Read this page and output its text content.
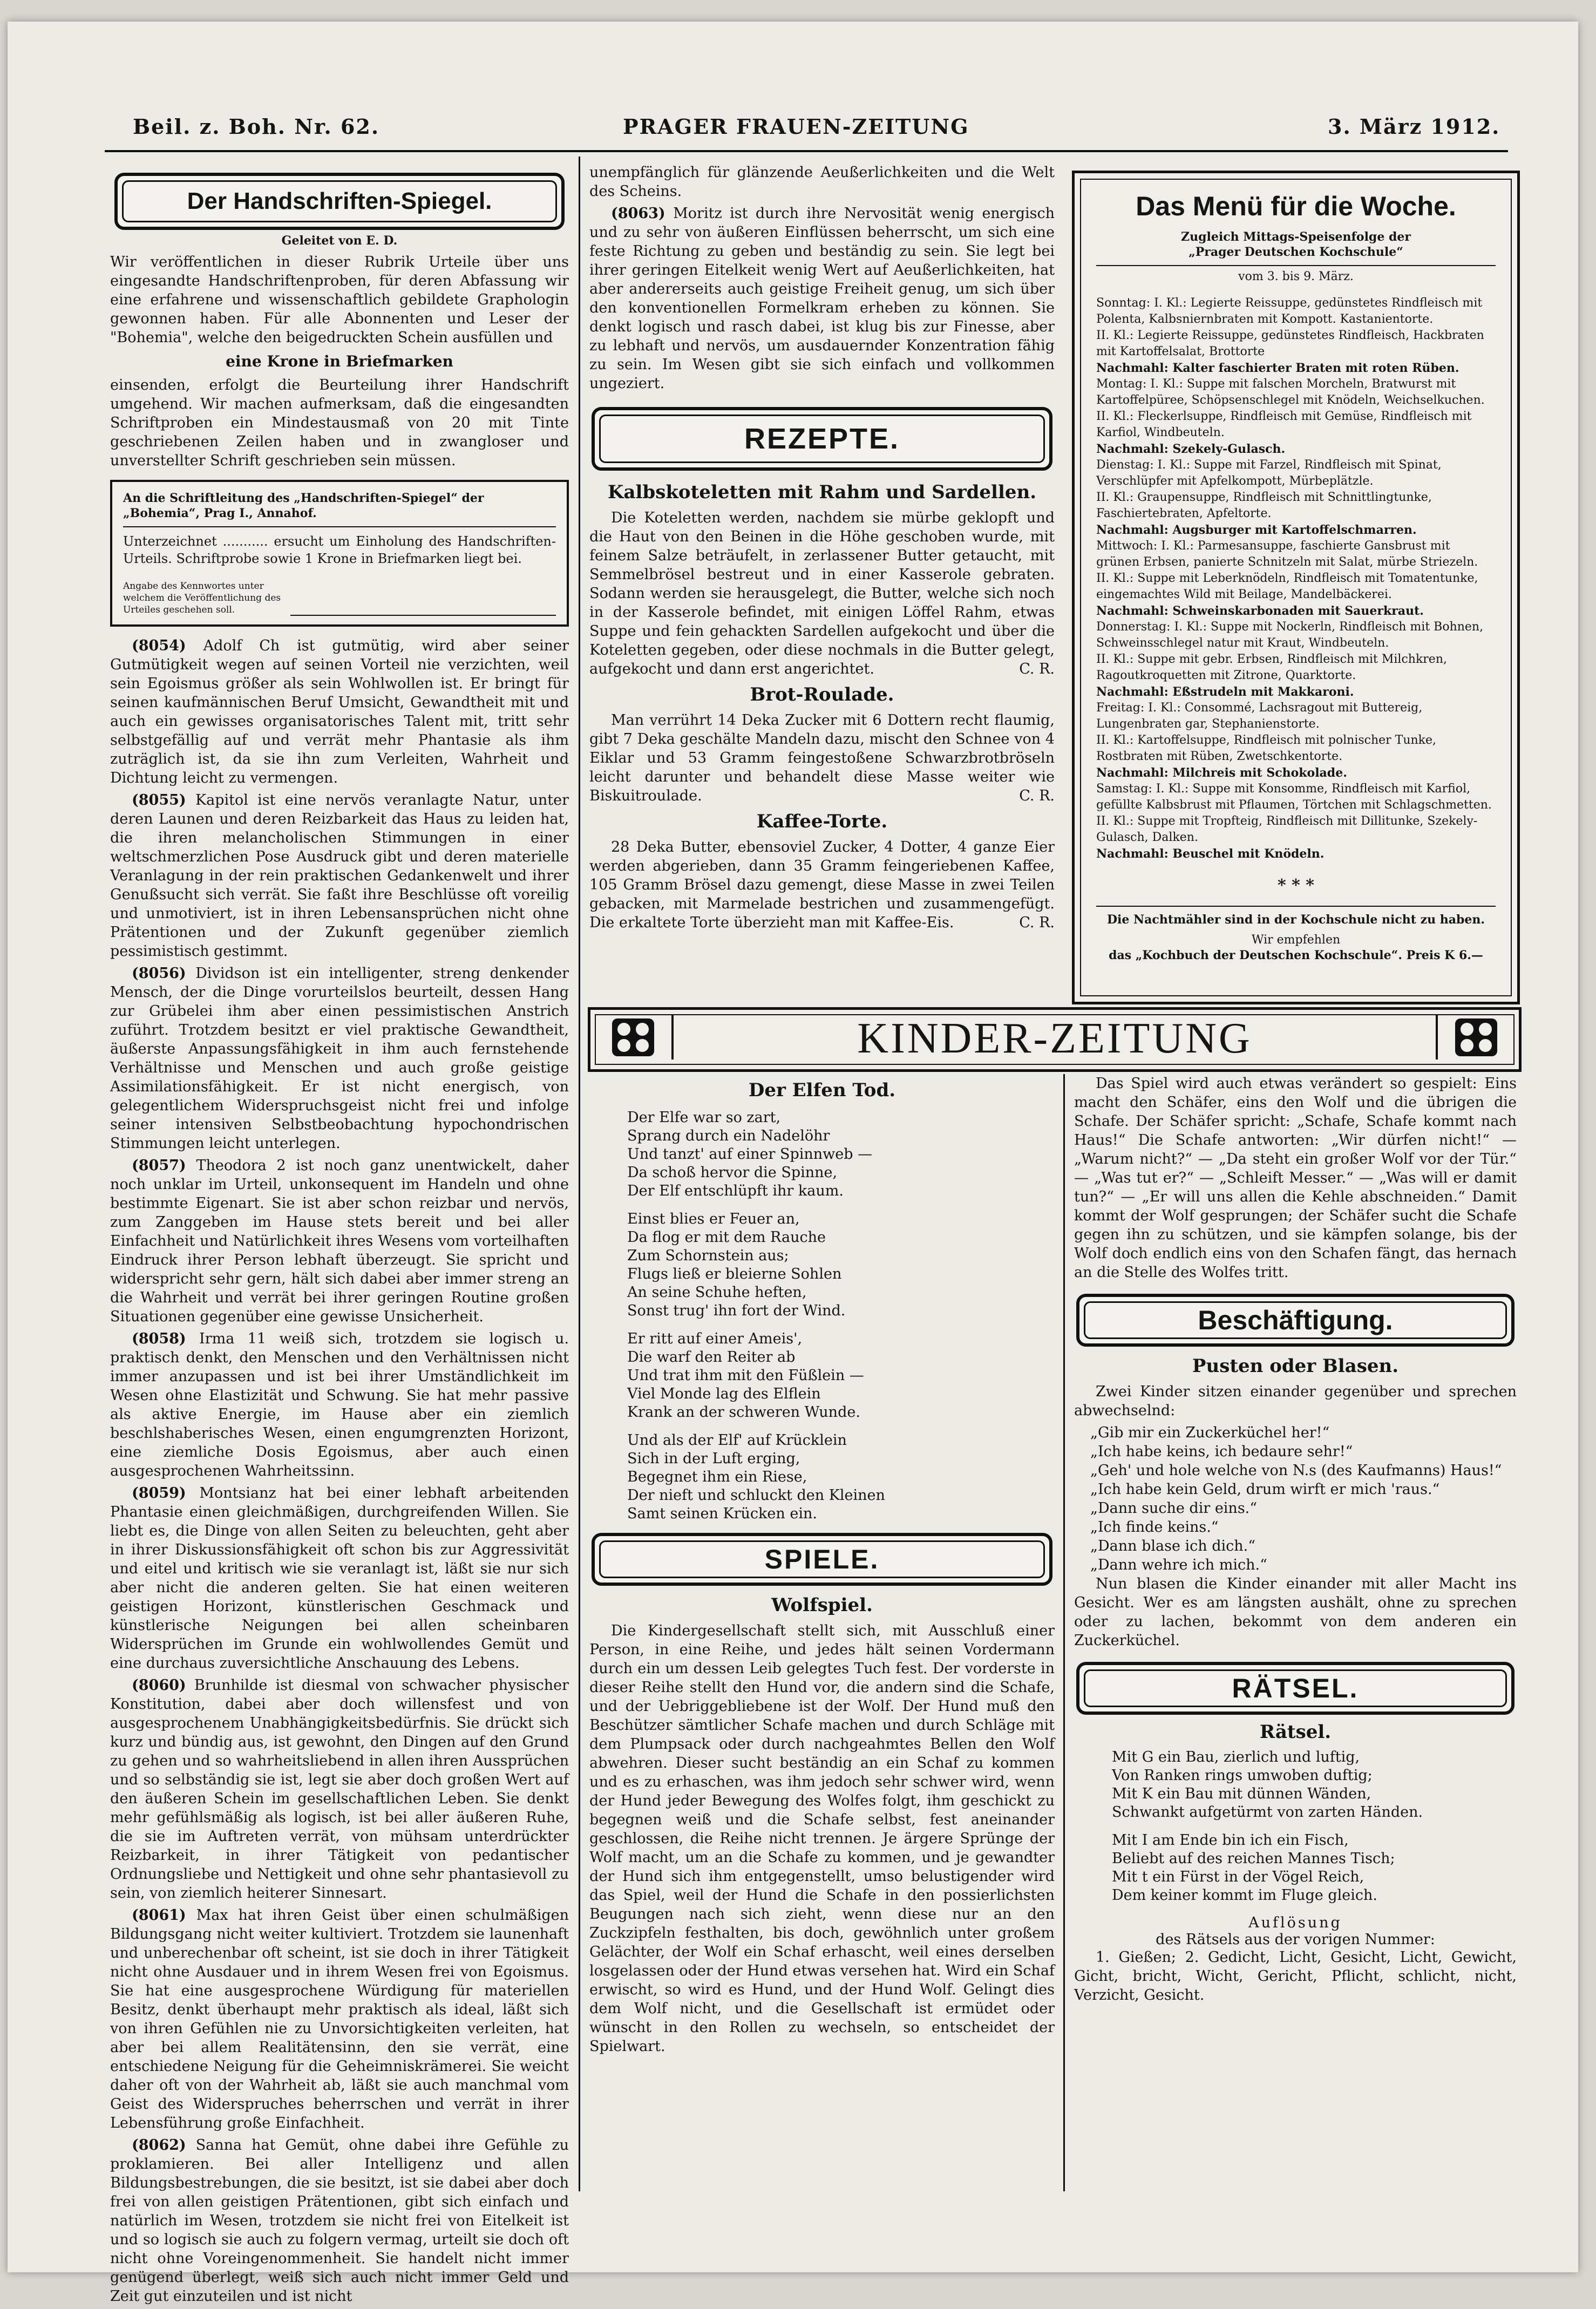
Beil. z. Boh. Nr. 62.	PRAGER FRAUEN-ZEITUNG	3. März 1912.
Der Handschriften-Spiegel.
Geleitet von E. D.

Wir veröffentlichen in dieser Rubrik Urteile über uns eingesandte Handschriftenproben, für deren Abfassung wir eine erfahrene und wissenschaftlich gebildete Graphologin gewonnen haben. Für alle Abonnenten und Leser der "Bohemia", welche den beigedruckten Schein ausfüllen und

eine Krone in Briefmarken

einsenden, erfolgt die Beurteilung ihrer Handschrift umgehend. Wir machen aufmerksam, daß die eingesandten Schriftproben ein Mindestausmaß von 20 mit Tinte geschriebenen Zeilen haben und in zwangloser und unverstellter Schrift geschrieben sein müssen.

An die Schriftleitung des „Handschriften-Spiegel“ der „Bohemia“, Prag I., Annahof.

Unterzeichnet ........... ersucht um Einholung des Handschriften-Urteils. Schriftprobe sowie 1 Krone in Briefmarken liegt bei.

Angabe des Kennwortes unter welchem die Veröffentlichung des Urteiles geschehen soll.

(8054) Adolf Ch ist gutmütig, wird aber seiner Gutmütigkeit wegen auf seinen Vorteil nie verzichten, weil sein Egoismus größer als sein Wohlwollen ist. Er bringt für seinen kaufmännischen Beruf Umsicht, Gewandtheit mit und auch ein gewisses organisatorisches Talent mit, tritt sehr selbstgefällig auf und verrät mehr Phantasie als ihm zuträglich ist, da sie ihn zum Verleiten, Wahrheit und Dichtung leicht zu vermengen.

(8055) Kapitol ist eine nervös veranlagte Natur, unter deren Launen und deren Reizbarkeit das Haus zu leiden hat, die ihren melancholischen Stimmungen in einer weltschmerzlichen Pose Ausdruck gibt und deren materielle Veranlagung in der rein praktischen Gedankenwelt und ihrer Genußsucht sich verrät. Sie faßt ihre Beschlüsse oft voreilig und unmotiviert, ist in ihren Lebensansprüchen nicht ohne Prätentionen und der Zukunft gegenüber ziemlich pessimistisch gestimmt.

(8056) Dividson ist ein intelligenter, streng denkender Mensch, der die Dinge vorurteilslos beurteilt, dessen Hang zur Grübelei ihm aber einen pessimistischen Anstrich zuführt. Trotzdem besitzt er viel praktische Gewandtheit, äußerste Anpassungsfähigkeit in ihm auch fernstehende Verhältnisse und Menschen und auch große geistige Assimilationsfähigkeit. Er ist nicht energisch, von gelegentlichem Widerspruchsgeist nicht frei und infolge seiner intensiven Selbstbeobachtung hypochondrischen Stimmungen leicht unterlegen.

(8057) Theodora 2 ist noch ganz unentwickelt, daher noch unklar im Urteil, unkonsequent im Handeln und ohne bestimmte Eigenart. Sie ist aber schon reizbar und nervös, zum Zanggeben im Hause stets bereit und bei aller Einfachheit und Natürlichkeit ihres Wesens vom vorteilhaften Eindruck ihrer Person lebhaft überzeugt. Sie spricht und widerspricht sehr gern, hält sich dabei aber immer streng an die Wahrheit und verrät bei ihrer geringen Routine großen Situationen gegenüber eine gewisse Unsicherheit.

(8058) Irma 11 weiß sich, trotzdem sie logisch u. praktisch denkt, den Menschen und den Verhältnissen nicht immer anzupassen und ist bei ihrer Umständlichkeit im Wesen ohne Elastizität und Schwung. Sie hat mehr passive als aktive Energie, im Hause aber ein ziemlich beschlshaberisches Wesen, einen engumgrenzten Horizont, eine ziemliche Dosis Egoismus, aber auch einen ausgesprochenen Wahrheitssinn.

(8059) Montsianz hat bei einer lebhaft arbeitenden Phantasie einen gleichmäßigen, durchgreifenden Willen. Sie liebt es, die Dinge von allen Seiten zu beleuchten, geht aber in ihrer Diskussionsfähigkeit oft schon bis zur Aggressivität und eitel und kritisch wie sie veranlagt ist, läßt sie nur sich aber nicht die anderen gelten. Sie hat einen weiteren geistigen Horizont, künstlerischen Geschmack und künstlerische Neigungen bei allen scheinbaren Widersprüchen im Grunde ein wohlwollendes Gemüt und eine durchaus zuversichtliche Anschauung des Lebens.

(8060) Brunhilde ist diesmal von schwacher physischer Konstitution, dabei aber doch willensfest und von ausgesprochenem Unabhängigkeitsbedürfnis. Sie drückt sich kurz und bündig aus, ist gewohnt, den Dingen auf den Grund zu gehen und so wahrheitsliebend in allen ihren Aussprüchen und so selbständig sie ist, legt sie aber doch großen Wert auf den äußeren Schein im gesellschaftlichen Leben. Sie denkt mehr gefühlsmäßig als logisch, ist bei aller äußeren Ruhe, die sie im Auftreten verrät, von mühsam unterdrückter Reizbarkeit, in ihrer Tätigkeit von pedantischer Ordnungsliebe und Nettigkeit und ohne sehr phantasievoll zu sein, von ziemlich heiterer Sinnesart.

(8061) Max hat ihren Geist über einen schulmäßigen Bildungsgang nicht weiter kultiviert. Trotzdem sie launenhaft und unberechenbar oft scheint, ist sie doch in ihrer Tätigkeit nicht ohne Ausdauer und in ihrem Wesen frei von Egoismus. Sie hat eine ausgesprochene Würdigung für materiellen Besitz, denkt überhaupt mehr praktisch als ideal, läßt sich von ihren Gefühlen nie zu Unvorsichtigkeiten verleiten, hat aber bei allem Realitätensinn, den sie verrät, eine entschiedene Neigung für die Geheimniskrämerei. Sie weicht daher oft von der Wahrheit ab, läßt sie auch manchmal vom Geist des Widerspruches beherrschen und verrät in ihrer Lebensführung große Einfachheit.

(8062) Sanna hat Gemüt, ohne dabei ihre Gefühle zu proklamieren. Bei aller Intelligenz und allen Bildungsbestrebungen, die sie besitzt, ist sie dabei aber doch frei von allen geistigen Prätentionen, gibt sich einfach und natürlich im Wesen, trotzdem sie nicht frei von Eitelkeit ist und so logisch sie auch zu folgern vermag, urteilt sie doch oft nicht ohne Voreingenommenheit. Sie handelt nicht immer genügend überlegt, weiß sich auch nicht immer Geld und Zeit gut einzuteilen und ist nicht

unempfänglich für glänzende Aeußerlichkeiten und die Welt des Scheins.

(8063) Moritz ist durch ihre Nervosität wenig energisch und zu sehr von äußeren Einflüssen beherrscht, um sich eine feste Richtung zu geben und beständig zu sein. Sie legt bei ihrer geringen Eitelkeit wenig Wert auf Aeußerlichkeiten, hat aber andererseits auch geistige Freiheit genug, um sich über den konventionellen Formelkram erheben zu können. Sie denkt logisch und rasch dabei, ist klug bis zur Finesse, aber zu lebhaft und nervös, um ausdauernder Konzentration fähig zu sein. Im Wesen gibt sie sich einfach und vollkommen ungeziert.

REZEPTE.
Kalbskoteletten mit Rahm und Sardellen.

Die Koteletten werden, nachdem sie mürbe geklopft und die Haut von den Beinen in die Höhe geschoben wurde, mit feinem Salze beträufelt, in zerlassener Butter getaucht, mit Semmelbrösel bestreut und in einer Kasserole gebraten. Sodann werden sie herausgelegt, die Butter, welche sich noch in der Kasserole befindet, mit einigen Löffel Rahm, etwas Suppe und fein gehackten Sardellen aufgekocht und über die Koteletten gegeben, oder diese nochmals in die Butter gelegt, aufgekocht und dann erst angerichtet.	C. R.

Brot-Roulade.

Man verrührt 14 Deka Zucker mit 6 Dottern recht flaumig, gibt 7 Deka geschälte Mandeln dazu, mischt den Schnee von 4 Eiklar und 53 Gramm feingestoßene Schwarzbrotbröseln leicht darunter und behandelt diese Masse weiter wie Biskuitroulade.	C. R.

Kaffee-Torte.

28 Deka Butter, ebensoviel Zucker, 4 Dotter, 4 ganze Eier werden abgerieben, dann 35 Gramm feingeriebenen Kaffee, 105 Gramm Brösel dazu gemengt, diese Masse in zwei Teilen gebacken, mit Marmelade bestrichen und zusammengefügt. Die erkaltete Torte überzieht man mit Kaffee-Eis.	C. R.

Das Menü für die Woche.
Zugleich Mittags-Speisenfolge der
„Prager Deutschen Kochschule“
vom 3. bis 9. März.

Sonntag: I. Kl.: Legierte Reissuppe, gedünstetes Rindfleisch mit Polenta, Kalbsniernbraten mit Kompott. Kastanientorte.

II. Kl.: Legierte Reissuppe, gedünstetes Rindfleisch, Hackbraten mit Kartoffelsalat, Brottorte

Nachmahl: Kalter faschierter Braten mit roten Rüben.

Montag: I. Kl.: Suppe mit falschen Morcheln, Bratwurst mit Kartoffelpüree, Schöpsenschlegel mit Knödeln, Weichselkuchen.

II. Kl.: Fleckerlsuppe, Rindfleisch mit Gemüse, Rindfleisch mit Karfiol, Windbeuteln.

Nachmahl: Szekely-Gulasch.

Dienstag: I. Kl.: Suppe mit Farzel, Rindfleisch mit Spinat, Verschlüpfer mit Apfelkompott, Mürbeplätzle.

II. Kl.: Graupensuppe, Rindfleisch mit Schnittlingtunke, Faschiertebraten, Apfeltorte.

Nachmahl: Augsburger mit Kartoffelschmarren.

Mittwoch: I. Kl.: Parmesansuppe, faschierte Gansbrust mit grünen Erbsen, panierte Schnitzeln mit Salat, mürbe Striezeln.

II. Kl.: Suppe mit Leberknödeln, Rindfleisch mit Tomatentunke, eingemachtes Wild mit Beilage, Mandelbäckerei.

Nachmahl: Schweinskarbonaden mit Sauerkraut.

Donnerstag: I. Kl.: Suppe mit Nockerln, Rindfleisch mit Bohnen, Schweinsschlegel natur mit Kraut, Windbeuteln.

II. Kl.: Suppe mit gebr. Erbsen, Rindfleisch mit Milchkren, Ragoutkroquetten mit Zitrone, Quarktorte.

Nachmahl: Eßstrudeln mit Makkaroni.

Freitag: I. Kl.: Consommé, Lachsragout mit Buttereig, Lungenbraten gar, Stephanienstorte.

II. Kl.: Kartoffelsuppe, Rindfleisch mit polnischer Tunke, Rostbraten mit Rüben, Zwetschkentorte.

Nachmahl: Milchreis mit Schokolade.

Samstag: I. Kl.: Suppe mit Konsomme, Rindfleisch mit Karfiol, gefüllte Kalbsbrust mit Pflaumen, Törtchen mit Schlagschmetten.

II. Kl.: Suppe mit Tropfteig, Rindfleisch mit Dillitunke, Szekely-Gulasch, Dalken.

Nachmahl: Beuschel mit Knödeln.

* * *
Die Nachtmähler sind in der Kochschule nicht zu haben.
Wir empfehlen
das „Kochbuch der Deutschen Kochschule“. Preis K 6.—
KINDER-ZEITUNG
Der Elfen Tod.
Der Elfe war so zart,
Sprang durch ein Nadelöhr
Und tanzt' auf einer Spinnweb —
Da schoß hervor die Spinne,
Der Elf entschlüpft ihr kaum.
Einst blies er Feuer an,
Da flog er mit dem Rauche
Zum Schornstein aus;
Flugs ließ er bleierne Sohlen
An seine Schuhe heften,
Sonst trug' ihn fort der Wind.
Er ritt auf einer Ameis',
Die warf den Reiter ab
Und trat ihm mit den Füßlein —
Viel Monde lag des Elflein
Krank an der schweren Wunde.
Und als der Elf' auf Krücklein
Sich in der Luft erging,
Begegnet ihm ein Riese,
Der nieft und schluckt den Kleinen
Samt seinen Krücken ein.
SPIELE.
Wolfspiel.

Die Kindergesellschaft stellt sich, mit Ausschluß einer Person, in eine Reihe, und jedes hält seinen Vordermann durch ein um dessen Leib gelegtes Tuch fest. Der vorderste in dieser Reihe stellt den Hund vor, die andern sind die Schafe, und der Uebriggebliebene ist der Wolf. Der Hund muß den Beschützer sämtlicher Schafe machen und durch Schläge mit dem Plumpsack oder durch nachgeahmtes Bellen den Wolf abwehren. Dieser sucht beständig an ein Schaf zu kommen und es zu erhaschen, was ihm jedoch sehr schwer wird, wenn der Hund jeder Bewegung des Wolfes folgt, ihm geschickt zu begegnen weiß und die Schafe selbst, fest aneinander geschlossen, die Reihe nicht trennen. Je ärgere Sprünge der Wolf macht, um an die Schafe zu kommen, und je gewandter der Hund sich ihm entgegenstellt, umso belustigender wird das Spiel, weil der Hund die Schafe in den possierlichsten Beugungen nach sich zieht, wenn diese nur an den Zuckzipfeln festhalten, bis doch, gewöhnlich unter großem Gelächter, der Wolf ein Schaf erhascht, weil eines derselben losgelassen oder der Hund etwas versehen hat. Wird ein Schaf erwischt, so wird es Hund, und der Hund Wolf. Gelingt dies dem Wolf nicht, und die Gesellschaft ist ermüdet oder wünscht in den Rollen zu wechseln, so entscheidet der Spielwart.

Das Spiel wird auch etwas verändert so gespielt: Eins macht den Schäfer, eins den Wolf und die übrigen die Schafe. Der Schäfer spricht: „Schafe, Schafe kommt nach Haus!“ Die Schafe antworten: „Wir dürfen nicht!“ — „Warum nicht?“ — „Da steht ein großer Wolf vor der Tür.“ — „Was tut er?“ — „Schleift Messer.“ — „Was will er damit tun?“ — „Er will uns allen die Kehle abschneiden.“ Damit kommt der Wolf gesprungen; der Schäfer sucht die Schafe gegen ihn zu schützen, und sie kämpfen solange, bis der Wolf doch endlich eins von den Schafen fängt, das hernach an die Stelle des Wolfes tritt.

Beschäftigung.
Pusten oder Blasen.

Zwei Kinder sitzen einander gegenüber und sprechen abwechselnd:

„Gib mir ein Zuckerküchel her!“

„Ich habe keins, ich bedaure sehr!“

„Geh' und hole welche von N.s (des Kaufmanns) Haus!“

„Ich habe kein Geld, drum wirft er mich 'raus.“

„Dann suche dir eins.“

„Ich finde keins.“

„Dann blase ich dich.“

„Dann wehre ich mich.“

Nun blasen die Kinder einander mit aller Macht ins Gesicht. Wer es am längsten aushält, ohne zu sprechen oder zu lachen, bekommt von dem anderen ein Zuckerküchel.

RÄTSEL.
Rätsel.
Mit G ein Bau, zierlich und luftig,
Von Ranken rings umwoben duftig;
Mit K ein Bau mit dünnen Wänden,
Schwankt aufgetürmt von zarten Händen.
Mit I am Ende bin ich ein Fisch,
Beliebt auf des reichen Mannes Tisch;
Mit t ein Fürst in der Vögel Reich,
Dem keiner kommt im Fluge gleich.
Auflösung
des Rätsels aus der vorigen Nummer:

1. Gießen; 2. Gedicht, Licht, Gesicht, Licht, Gewicht, Gicht, bricht, Wicht, Gericht, Pflicht, schlicht, nicht, Verzicht, Gesicht.
